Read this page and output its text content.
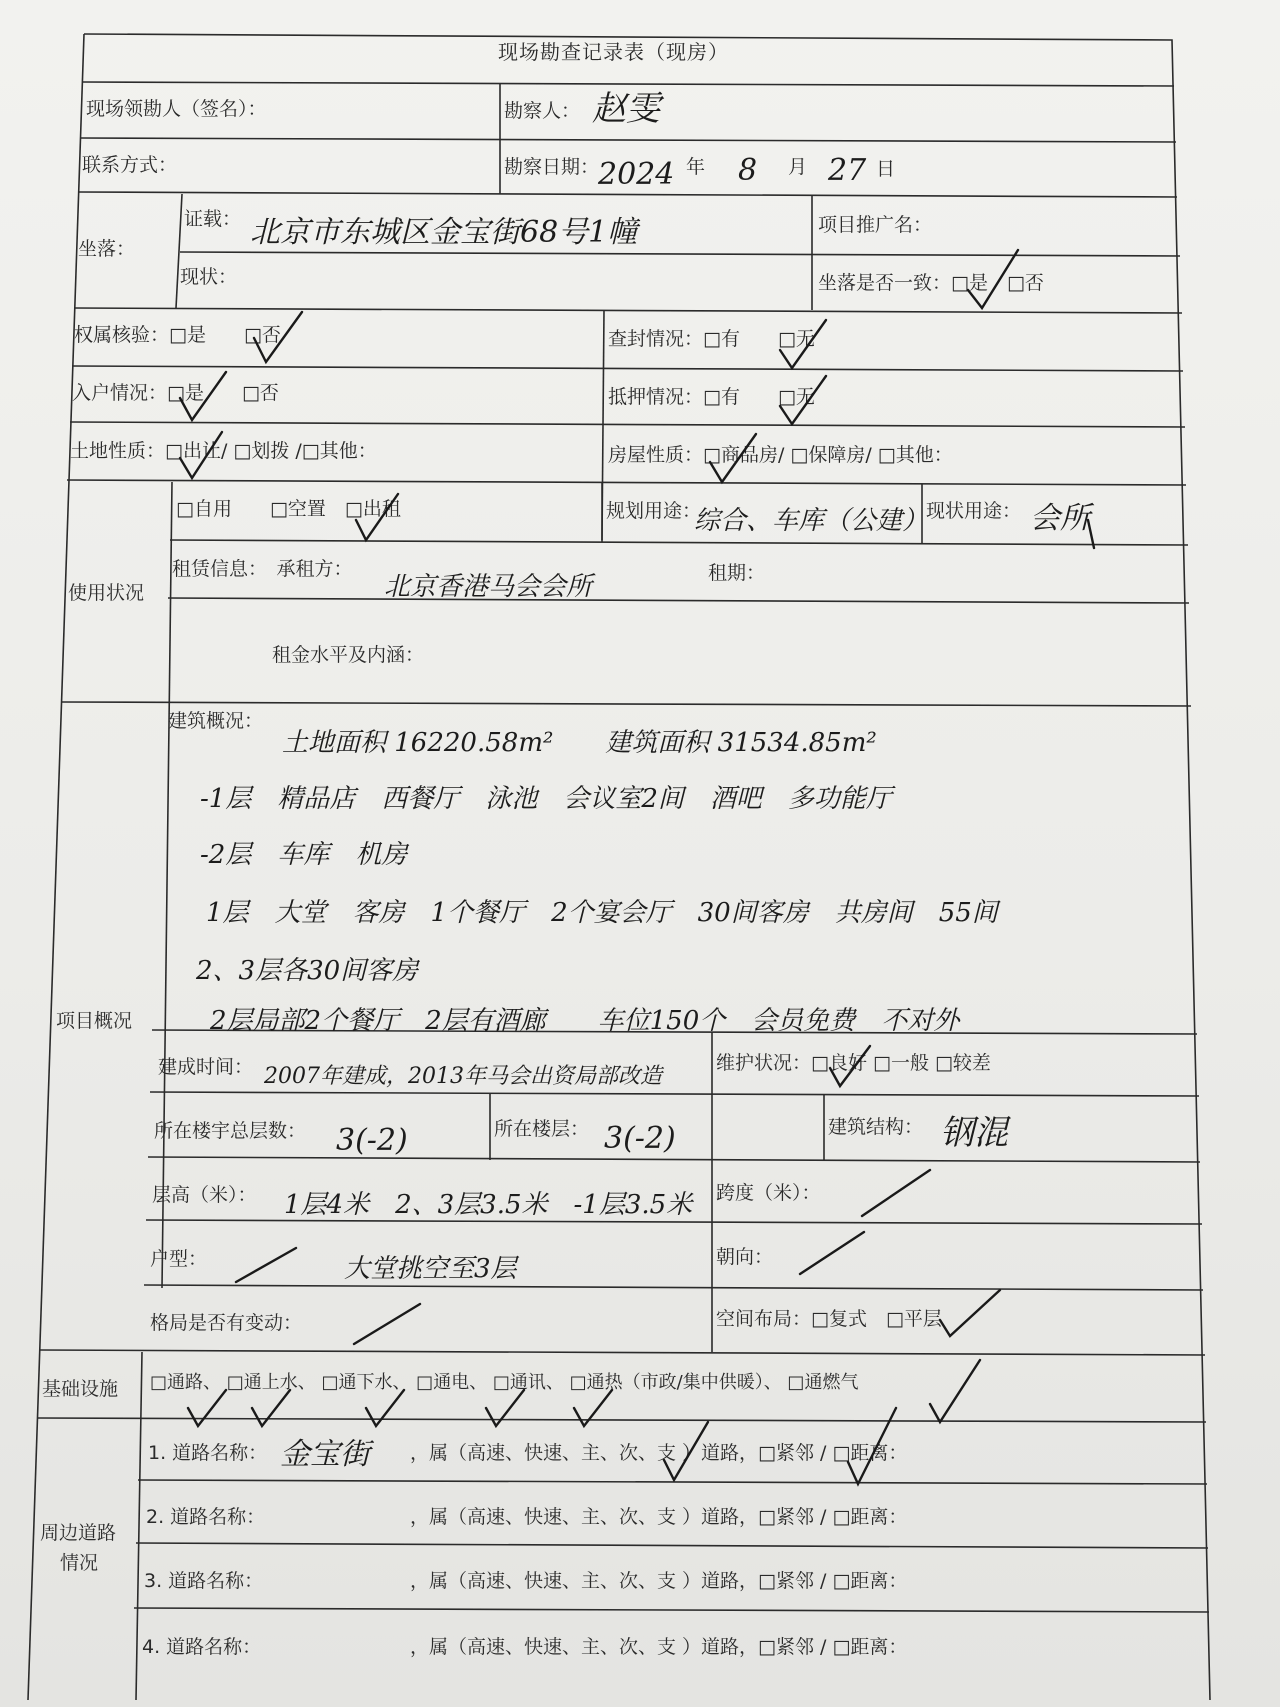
现场勘查记录表（现房）
现场领勘人（签名）：	勘察人： 赵雯
联系方式：	勘察日期：
2024 年 8 月 27 日
坐落：
证载： 北京市东城区金宝街68号1幢
现状：
项目推广名：
坐落是否一致：□是　□否
权属核验：□是　　□否	查封情况：□有　　□无
入户情况：□是　　□否	抵押情况：□有　　□无
土地性质：□出让/ □划拨 /□其他：	房屋性质：□商品房/ □保障房/ □其他：
使用状况
□自用　　□空置　□出租	规划用途：
综合、车库（公建）
现状用途： 会所
租赁信息：　承租方：
北京香港马会会所	租期：
租金水平及内涵：
项目概况
建筑概况：
土地面积 16220.58m²　　建筑面积 31534.85m²
-1层　精品店　西餐厅　泳池　会议室2间　酒吧　多功能厅
-2层　车库　机房
1层　大堂　客房　1个餐厅　2个宴会厅　30间客房　共房间　55间
2、3层各30间客房
2层局部2个餐厅　2层有酒廊　　车位150个　会员免费　不对外
建成时间： 2007年建成，2013年马会出资局部改造
维护状况：□良好 □一般 □较差
所在楼宇总层数： 3(-2)	所在楼层： 3(-2)	建筑结构： 钢混
层高（米）： 1层4米　2、3层3.5米　-1层3.5米 跨度（米）：
户型：	大堂挑空至3层	朝向：
格局是否有变动：	空间布局：□复式　□平层
基础设施 □通路、 □通上水、 □通下水、 □通电、 □通讯、 □通热（市政/集中供暖）、 □通燃气
周边道路
情况
1. 道路名称： 金宝街 ，属（高速、快速、主、次、支 ）道路，□紧邻 / □距离：
2. 道路名称：	，属（高速、快速、主、次、支 ）道路，□紧邻 / □距离：
3. 道路名称：	，属（高速、快速、主、次、支 ）道路，□紧邻 / □距离：
4. 道路名称：	，属（高速、快速、主、次、支 ）道路，□紧邻 / □距离：
